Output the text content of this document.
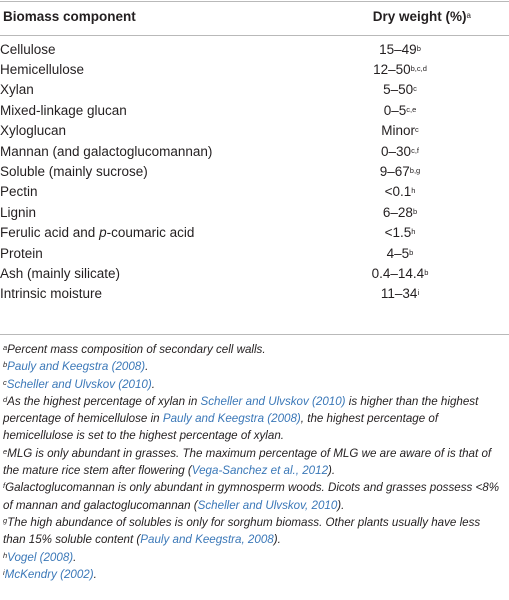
Biomass component	Dry weight (%)$^a$
Cellulose	15–49$^b$
Hemicellulose	12–50$^{b,c,d}$
Xylan	5–50$^c$
Mixed-linkage glucan	0–5$^{c,e}$
Xyloglucan	Minor$^c$
Mannan (and galactoglucomannan)	0–30$^{c,f}$
Soluble (mainly sucrose)	9–67$^{b,g}$
Pectin	<0.1$^h$
Lignin	6–28$^b$
Ferulic acid and p-coumaric acid	<1.5$^h$
Protein	4–5$^b$
Ash (mainly silicate)	0.4–14.4$^b$
Intrinsic moisture	11–34$^i$

$^a$Percent mass composition of secondary cell walls.

$^b$Pauly and Keegstra (2008).

$^c$Scheller and Ulvskov (2010).

$^d$As the highest percentage of xylan in Scheller and Ulvskov (2010) is higher than the highest percentage of hemicellulose in Pauly and Keegstra (2008), the highest percentage of hemicellulose is set to the highest percentage of xylan.

$^e$MLG is only abundant in grasses. The maximum percentage of MLG we are aware of is that of the mature rice stem after flowering (Vega-Sanchez et al., 2012).

$^f$Galactoglucomannan is only abundant in gymnosperm woods. Dicots and grasses possess <8% of mannan and galactoglucomannan (Scheller and Ulvskov, 2010).

$^g$The high abundance of solubles is only for sorghum biomass. Other plants usually have less than 15% soluble content (Pauly and Keegstra, 2008).

$^h$Vogel (2008).

$^i$McKendry (2002).
